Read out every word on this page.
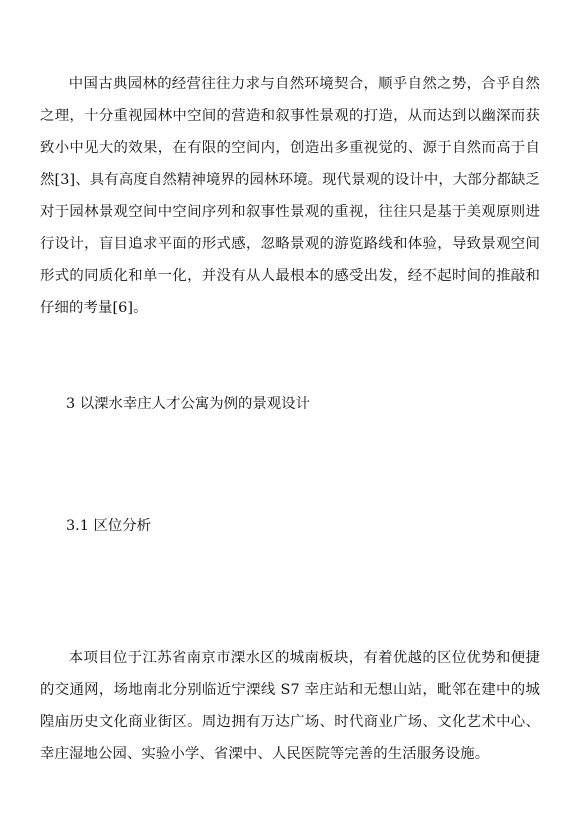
中国古典园林的经营往往力求与自然环境契合，顺乎自然之势，合乎自然之理，十分重视园林中空间的营造和叙事性景观的打造，从而达到以幽深而获致小中见大的效果，在有限的空间内，创造出多重视觉的、源于自然而高于自然[3]、具有高度自然精神境界的园林环境。现代景观的设计中，大部分都缺乏对于园林景观空间中空间序列和叙事性景观的重视，往往只是基于美观原则进行设计，盲目追求平面的形式感，忽略景观的游览路线和体验，导致景观空间形式的同质化和单一化，并没有从人最根本的感受出发，经不起时间的推敲和仔细的考量[6]。

3 以溧水幸庄人才公寓为例的景观设计
3.1 区位分析

本项目位于江苏省南京市溧水区的城南板块，有着优越的区位优势和便捷的交通网，场地南北分别临近宁溧线 S7 幸庄站和无想山站，毗邻在建中的城隍庙历史文化商业街区。周边拥有万达广场、时代商业广场、文化艺术中心、幸庄湿地公园、实验小学、省溧中、人民医院等完善的生活服务设施。
